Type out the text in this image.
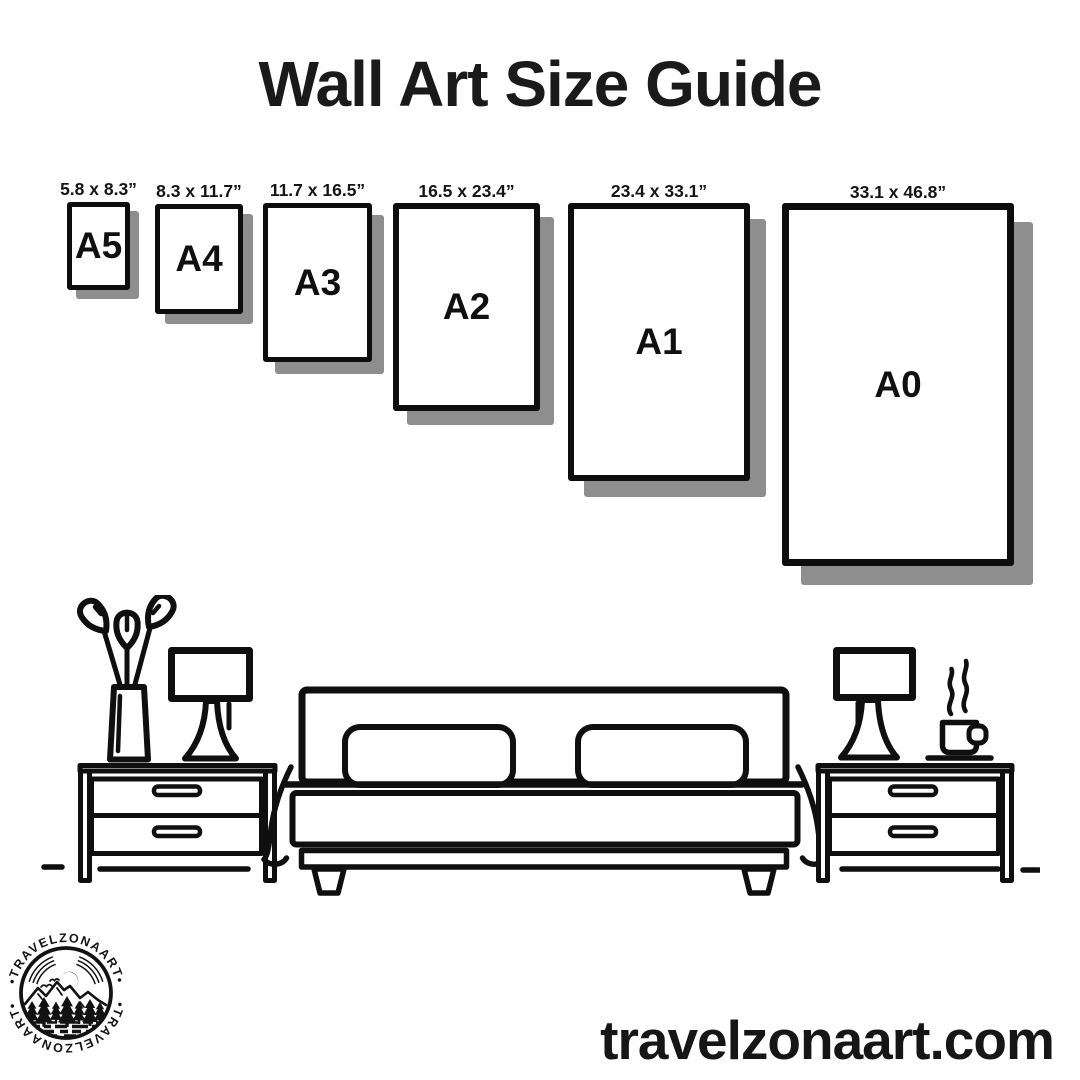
Wall Art Size Guide
5.8 x 8.3”
A5
8.3 x 11.7”
A4
11.7 x 16.5”
A3
16.5 x 23.4”
A2
23.4 x 33.1”
A1
33.1 x 46.8”
A0
•TRAVELZONAART•
•TRAVELZONAART•
travelzonaart.com
